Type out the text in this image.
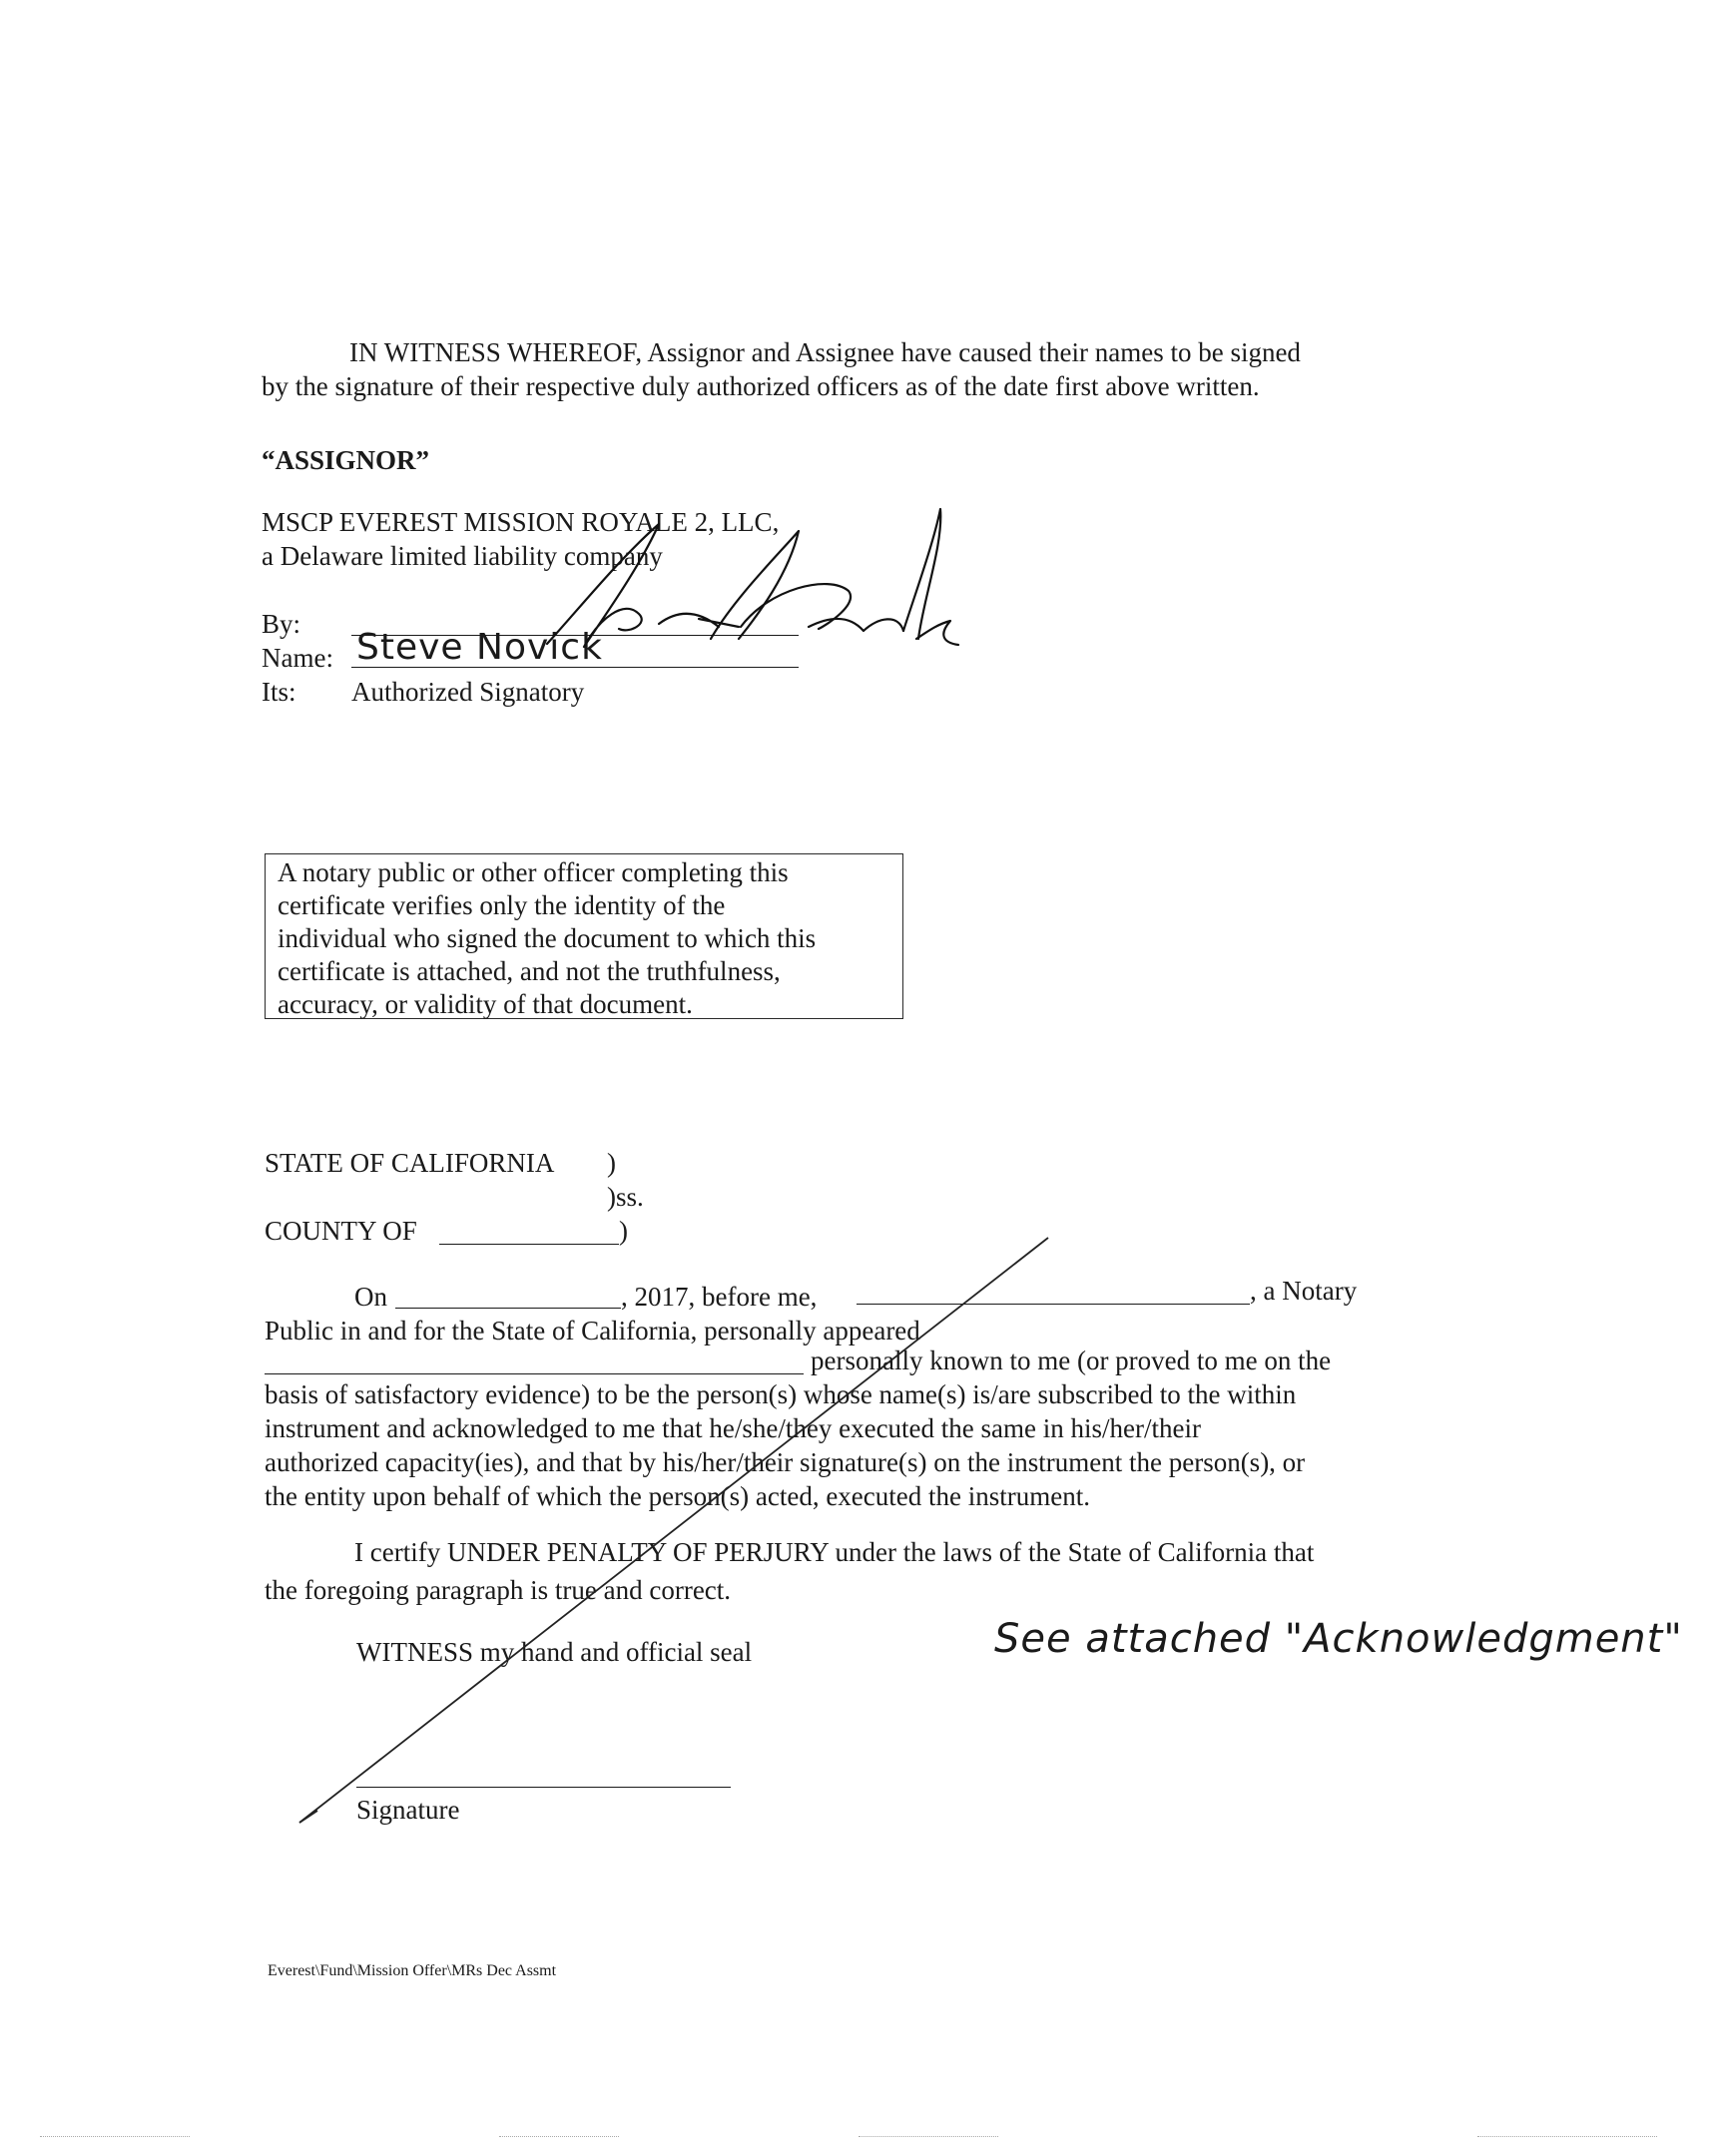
IN WITNESS WHEREOF, Assignor and Assignee have caused their names to be signed
by the signature of their respective duly authorized officers as of the date first above written.
“ASSIGNOR”
MSCP EVEREST MISSION ROYALE 2, LLC,
a Delaware limited liability company
By:
Name: Steve Novick
Its: Authorized Signatory
A notary public or other officer completing this
certificate verifies only the identity of the
individual who signed the document to which this
certificate is attached, and not the truthfulness,
accuracy, or validity of that document.
STATE OF CALIFORNIA )
)ss.
COUNTY OF	)
On	, 2017, before me,	, a Notary
Public in and for the State of California, personally appeared
personally known to me (or proved to me on the
basis of satisfactory evidence) to be the person(s) whose name(s) is/are subscribed to the within
instrument and acknowledged to me that he/she/they executed the same in his/her/their
authorized capacity(ies), and that by his/her/their signature(s) on the instrument the person(s), or
the entity upon behalf of which the person(s) acted, executed the instrument.
I certify UNDER PENALTY OF PERJURY under the laws of the State of California that
the foregoing paragraph is true and correct.
WITNESS my hand and official seal
Signature
See attached "Acknowledgment"
Everest\Fund\Mission Offer\MRs Dec Assmt
